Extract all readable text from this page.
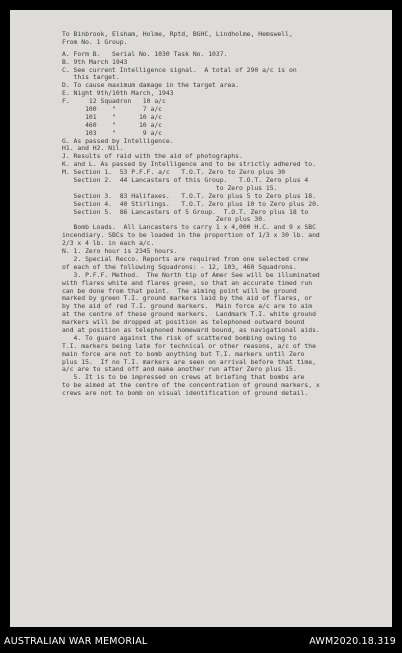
To Binbrook, Elsham, Holme, Rptd, BGHC, Lindholme, Hemswell,
From No. 1 Group.
A. Form B.   Serial No. 1030 Task No. 1037.
B. 9th March 1943
C. See current Intelligence signal.  A total of 290 a/c is on
this target.
D. To cause maximum damage in the target area.
E. Night 9th/10th March, 1943
F.     12 Squadron   10 a/c
100    "       7 a/c
101    "      10 a/c
460    "      10 a/c
103    "       9 a/c
G. As passed by Intelligence.
H1. and H2. Nil.
J. Results of raid with the aid of photographs.
K. and L. As passed by Intelligence and to be strictly adhered to.
M. Section 1.  53 P.F.F. a/c   T.O.T. Zero to Zero plus 30
Section 2.  44 Lancasters of this Group.   T.O.T. Zero plus 4
to Zero plus 15.
Section 3.  83 Halifaxes.   T.O.T. Zero plus 5 to Zero plus 18.
Section 4.  40 Stirlings.   T.O.T. Zero plus 10 to Zero plus 20.
Section 5.  86 Lancasters of 5 Group.  T.O.T. Zero plus 18 to
Zero plus 30.
Bomb Loads.  All Lancasters to carry 1 x 4,000 H.C. and 9 x SBC
incendiary. SBCs to be loaded in the proportion of 1/3 x 30 lb. and
2/3 x 4 lb. in each a/c.
N. 1. Zero hour is 2345 hours.
2. Special Recco. Reports are required from one selected crew
of each of the following Squadrons: - 12, 103, 460 Squadrons.
3. P.F.F. Method.  The North tip of Amer See will be illuminated
with flares white and flares green, so that an accurate timed run
can be done from that point.  The aiming point will be ground
marked by green T.I. ground markers laid by the aid of flares, or
by the aid of red T.I. ground markers.  Main force a/c are to aim
at the centre of these ground markers.  Landmark T.I. white ground
markers will be dropped at position as telephoned outward bound
and at position as telephoned homeward bound, as navigational aids.
4. To guard against the risk of scattered bombing owing to
T.I. markers being late for technical or other reasons, a/c of the
main force are not to bomb anything but T.I. markers until Zero
plus 15.  If no T.I. markers are seen on arrival before that time,
a/c are to stand off and make another run after Zero plus 15.
5. It is to be impressed on crews at briefing that bombs are
to be aimed at the centre of the concentration of ground markers, x
crews are not to bomb on visual identification of ground detail.
AUSTRALIAN WAR MEMORIAL	AWM2020.18.319
